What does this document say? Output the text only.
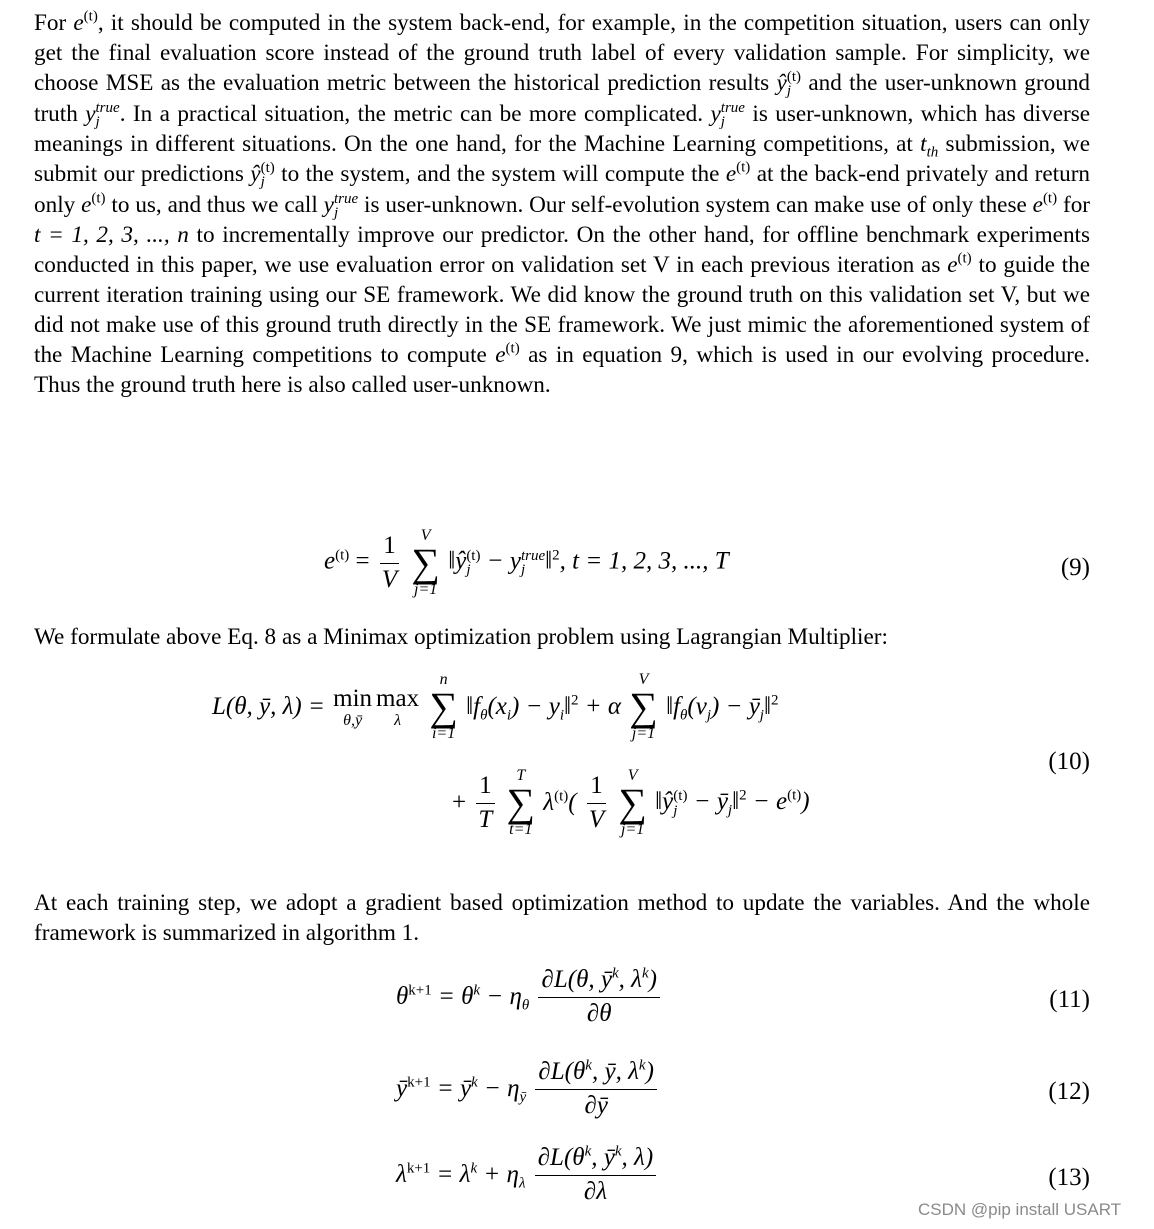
For $e^{(t)}$, it should be computed in the system back-end, for example, in the competition situation, users can only get the final evaluation score instead of the ground truth label of every validation sample. For simplicity, we choose MSE as the evaluation metric between the historical prediction results ŷ (t)
j and the user-unknown ground truth y true
j . In a practical situation, the metric can be more complicated. y true
j	is user-unknown, which has diverse meanings in different situations. On the one hand, for the Machine Learning competitions, at $t_{th}$ submission, we submit our predictions ŷ (t)
j to the system, and the system will compute the $e^{(t)}$ at the back-end privately and return only $e^{(t)}$ to us, and thus we call y true
j	is user-unknown. Our self-evolution system can make use of only these $e^{(t)}$ for t = 1, 2, 3, ..., n to incrementally improve our predictor. On the other hand, for offline benchmark experiments conducted in this paper, we use evaluation error on validation set V in each previous iteration as $e^{(t)}$ to guide the current iteration training using our SE framework. We did know the ground truth on this validation set V, but we did not make use of this ground truth directly in the SE framework. We just mimic the aforementioned system of the Machine Learning competitions to compute $e^{(t)}$ as in equation 9, which is used in our evolving procedure. Thus the ground truth here is also called user-unknown.

$e^{(t)} = \frac{1}{V}$
V
∑
j=1
‖ŷ (t)
j − y true
j ‖$^2$, t = 1, 2, 3, ..., T	(9)

We formulate above Eq. 8 as a Minimax optimization problem using Lagrangian Multiplier:

L(θ, ȳ, λ) = min
θ,ȳ
max
λ

n
∑
i=1
$‖f_\theta(x_i)$ − $y_i‖^2 + \alpha$
V
∑
j=1
$‖f_\theta(v_j)$ − $ȳ_j‖^2$
+ $\frac{1}{T}$
T
∑
t=1
$\lambda^{(t)}( \frac{1}{V}$
V
∑
j=1
‖ŷ (t)
$j - ȳ_j‖^2 - e^{(t)}$)
(10)

At each training step, we adopt a gradient based optimization method to update the variables. And the whole framework is summarized in algorithm 1.

$\theta^{k+1} = \theta^k - \eta_\theta \frac{\partial L(\theta, ȳ^k, \lambda^k)}{\partial\theta}$	(11)
$ȳ^{k+1}$ = $ȳ^k - \eta_ȳ \frac{\partial L(\theta^k, ȳ, \lambda^k)}{\partial ȳ}$	(12)
$\lambda^{k+1} = \lambda^k + \eta_\lambda \frac{\partial L(\theta^k, ȳ^k, \lambda)}{\partial\lambda}$	(13)
CSDN @pip install USART
